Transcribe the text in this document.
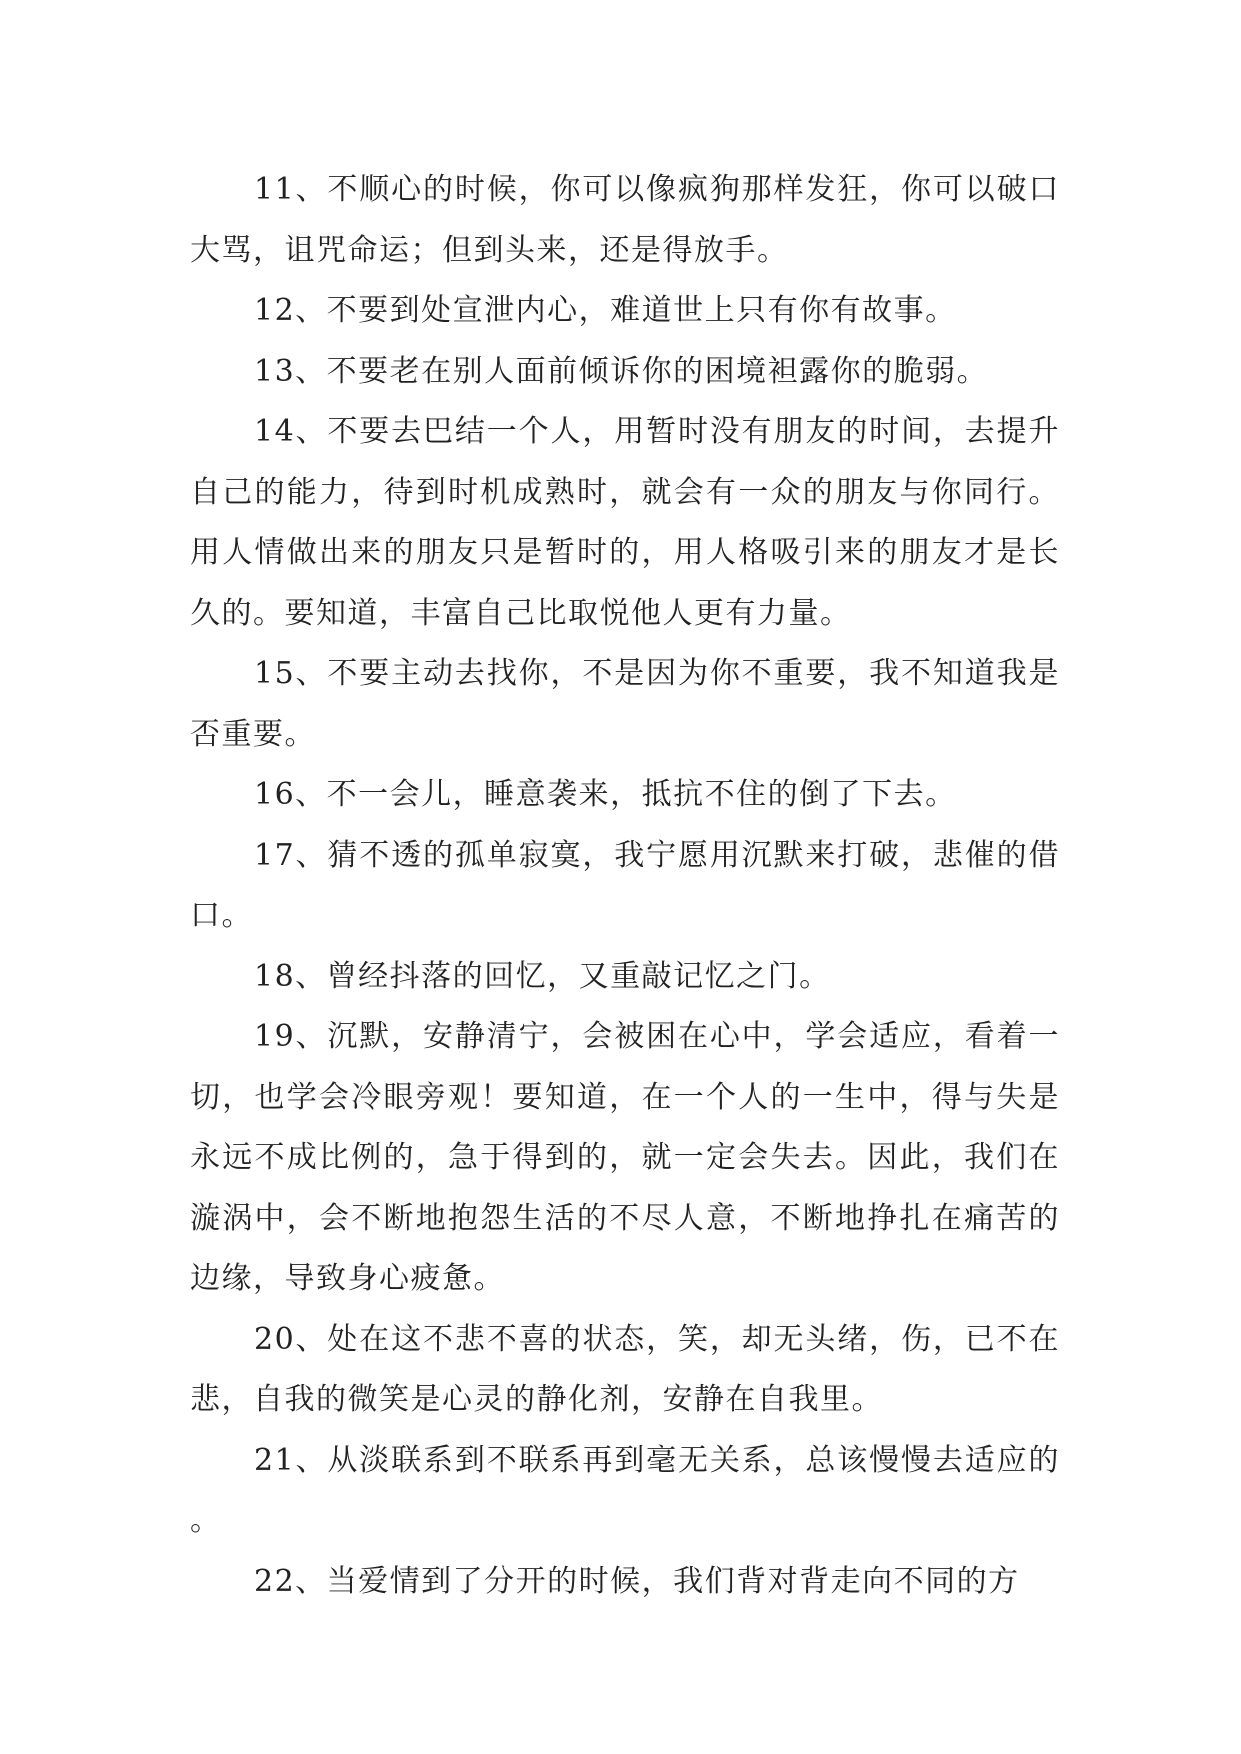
11、不顺心的时候，你可以像疯狗那样发狂，你可以破口大骂，诅咒命运；但到头来，还是得放手。

12、不要到处宣泄内心，难道世上只有你有故事。

13、不要老在别人面前倾诉你的困境袒露你的脆弱。

14、不要去巴结一个人，用暂时没有朋友的时间，去提升自己的能力，待到时机成熟时，就会有一众的朋友与你同行。用人情做出来的朋友只是暂时的，用人格吸引来的朋友才是长久的。要知道，丰富自己比取悦他人更有力量。

15、不要主动去找你，不是因为你不重要，我不知道我是否重要。

16、不一会儿，睡意袭来，抵抗不住的倒了下去。

17、猜不透的孤单寂寞，我宁愿用沉默来打破，悲催的借口。

18、曾经抖落的回忆，又重敲记忆之门。

19、沉默，安静清宁，会被困在心中，学会适应，看着一切，也学会冷眼旁观！要知道，在一个人的一生中，得与失是永远不成比例的，急于得到的，就一定会失去。因此，我们在漩涡中，会不断地抱怨生活的不尽人意，不断地挣扎在痛苦的边缘，导致身心疲惫。

20、处在这不悲不喜的状态，笑，却无头绪，伤，已不在悲，自我的微笑是心灵的静化剂，安静在自我里。

21、从淡联系到不联系再到毫无关系，总该慢慢去适应的。

22、当爱情到了分开的时候，我们背对背走向不同的方
